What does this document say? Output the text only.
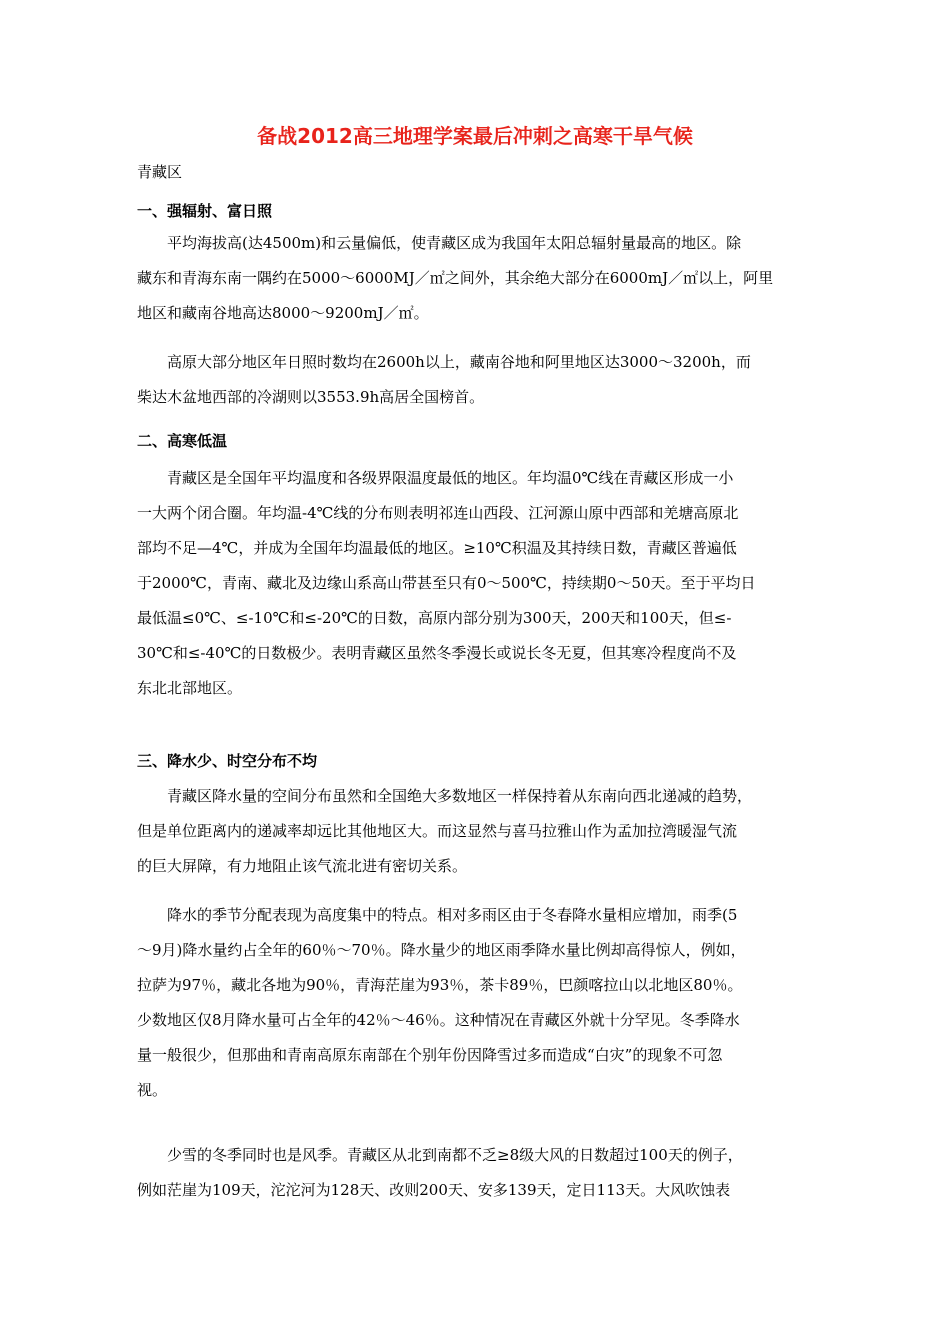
备战2012高三地理学案最后冲刺之高寒干旱气候

青藏区

一、强辐射、富日照
平均海拔高(达4500m)和云量偏低，使青藏区成为我国年太阳总辐射量最高的地区。除
藏东和青海东南一隅约在5000～6000MJ／㎡之间外，其余绝大部分在6000mJ／㎡以上，阿里
地区和藏南谷地高达8000～9200mJ／㎡。
高原大部分地区年日照时数均在2600h以上，藏南谷地和阿里地区达3000～3200h，而
柴达木盆地西部的冷湖则以3553.9h高居全国榜首。
二、高寒低温
青藏区是全国年平均温度和各级界限温度最低的地区。年均温0℃线在青藏区形成一小
一大两个闭合圈。年均温-4℃线的分布则表明祁连山西段、江河源山原中西部和羌塘高原北
部均不足—4℃，并成为全国年均温最低的地区。≥10℃积温及其持续日数，青藏区普遍低
于2000℃，青南、藏北及边缘山系高山带甚至只有0～500℃，持续期0～50天。至于平均日
最低温≤0℃、≤-10℃和≤-20℃的日数，高原内部分别为300天，200天和100天，但≤-
30℃和≤-40℃的日数极少。表明青藏区虽然冬季漫长或说长冬无夏，但其寒冷程度尚不及
东北北部地区。
三、降水少、时空分布不均
青藏区降水量的空间分布虽然和全国绝大多数地区一样保持着从东南向西北递减的趋势，
但是单位距离内的递减率却远比其他地区大。而这显然与喜马拉雅山作为孟加拉湾暖湿气流
的巨大屏障，有力地阻止该气流北进有密切关系。
降水的季节分配表现为高度集中的特点。相对多雨区由于冬春降水量相应增加，雨季(5
～9月)降水量约占全年的60％～70％。降水量少的地区雨季降水量比例却高得惊人，例如，
拉萨为97％，藏北各地为90％，青海茫崖为93％，茶卡89％，巴颜喀拉山以北地区80％。
少数地区仅8月降水量可占全年的42％～46％。这种情况在青藏区外就十分罕见。冬季降水
量一般很少，但那曲和青南高原东南部在个别年份因降雪过多而造成“白灾”的现象不可忽
视。
少雪的冬季同时也是风季。青藏区从北到南都不乏≥8级大风的日数超过100天的例子，
例如茫崖为109天，沱沱河为128天、改则200天、安多139天，定日113天。大风吹蚀表
